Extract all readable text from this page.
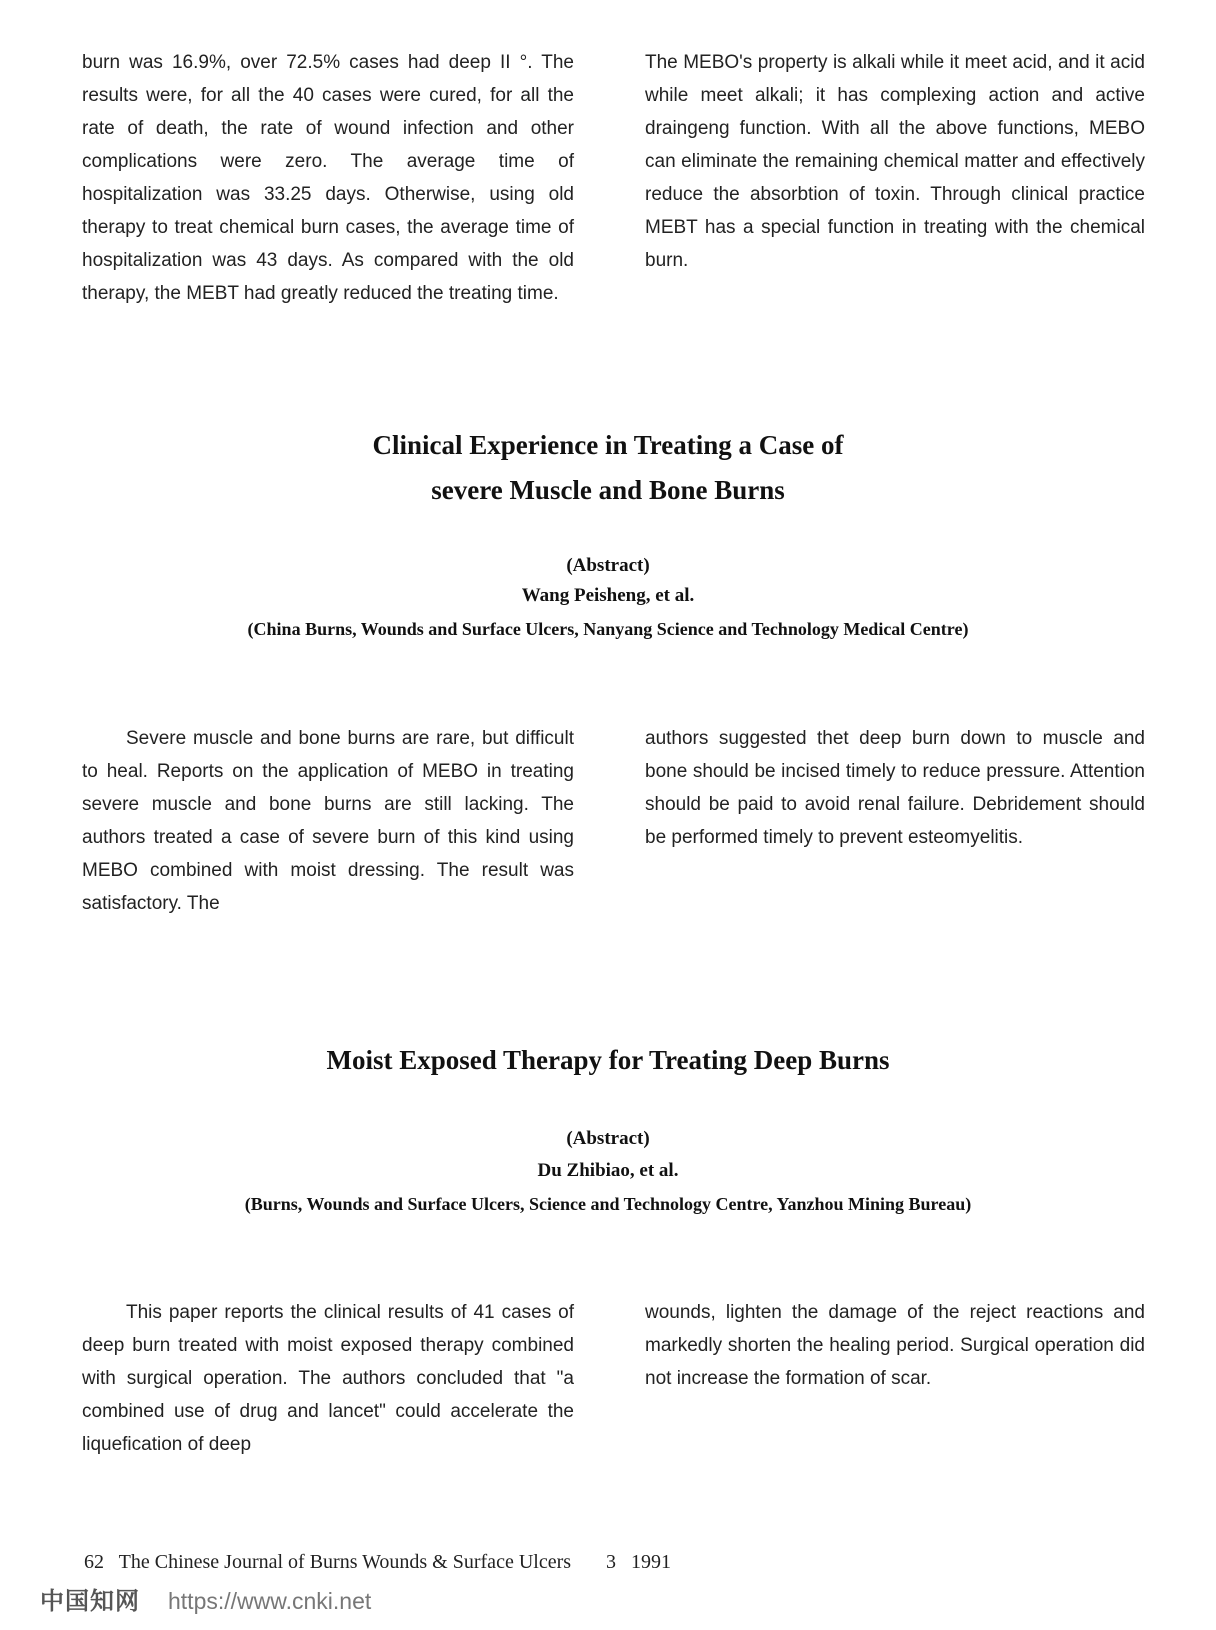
burn was 16.9%, over 72.5% cases had deep II °. The results were, for all the 40 cases were cured, for all the rate of death, the rate of wound infection and other complications were zero. The average time of hospitalization was 33.25 days. Otherwise, using old therapy to treat chemical burn cases, the average time of hospitalization was 43 days. As compared with the old therapy, the MEBT had greatly reduced the treating time.

The MEBO's property is alkali while it meet acid, and it acid while meet alkali; it has complexing action and active draingeng function. With all the above functions, MEBO can eliminate the remaining chemical matter and effectively reduce the absorbtion of toxin. Through clinical practice MEBT has a special function in treating with the chemical burn.

Clinical Experience in Treating a Case of
severe Muscle and Bone Burns
(Abstract)
Wang Peisheng, et al.
(China Burns, Wounds and Surface Ulcers, Nanyang Science and Technology Medical Centre)

Severe muscle and bone burns are rare, but difficult to heal. Reports on the application of MEBO in treating severe muscle and bone burns are still lacking. The authors treated a case of severe burn of this kind using MEBO combined with moist dressing. The result was satisfactory. The

authors suggested thet deep burn down to muscle and bone should be incised timely to reduce pressure. Attention should be paid to avoid renal failure. Debridement should be performed timely to prevent esteomyelitis.

Moist Exposed Therapy for Treating Deep Burns
(Abstract)
Du Zhibiao, et al.
(Burns, Wounds and Surface Ulcers, Science and Technology Centre, Yanzhou Mining Bureau)

This paper reports the clinical results of 41 cases of deep burn treated with moist exposed therapy combined with surgical operation. The authors concluded that "a combined use of drug and lancet" could accelerate the liquefication of deep

wounds, lighten the damage of the reject reactions and markedly shorten the healing period. Surgical operation did not increase the formation of scar.

62 The Chinese Journal of Burns Wounds & Surface Ulcers 3 1991
中国知网 https://www.cnki.net
